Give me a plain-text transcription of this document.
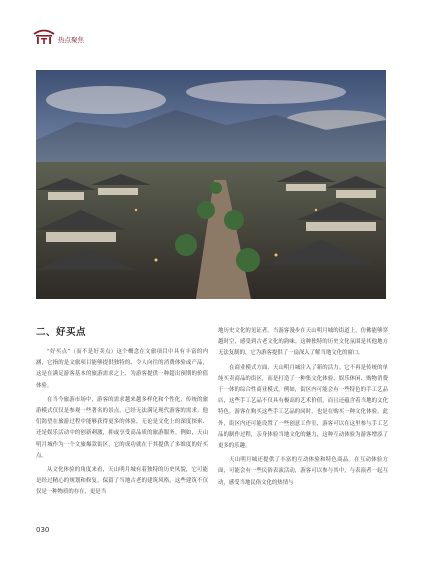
热点聚焦

二、好买点

“好买点”（而不是好卖点）这个概念在文旅项目中具有丰富的内涵，它指的是文旅项目能够提供独特的、令人向往的消费体验或产品，这是在满足游客基本的旅游需求之上，为游客提供一种超出预期的价值体验。

在当今旅游市场中，游客的需求越来越多样化和个性化，传统的旅游模式仅仅是参观一些著名的景点，已经无法满足现代游客的需求。他们渴望在旅游过程中能够获得更多的体验，无论是文化上的深度探索、还是娱乐活动中的创新刺激，抑或享受高品质的旅游服务。例如，天山明月城作为一个文旅爆款街区，它的成功就在于其提供了多维度的好买点。

从文化体验的角度来看，天山明月城有着独特的历史风貌，它可能是经过精心的规划和修复，保留了当地古老的建筑风格，这些建筑不仅仅是一种物质的存在，更是当

地历史文化的见证者。当游客漫步在天山明月城的街道上，仿佛能够穿越时空，感受到古老文化的韵味。这种独特的历史文化氛围是其他地方无法复制的，它为游客提供了一扇深入了解当地文化的窗口。

在商业模式方面，天山明月城注入了新的活力。它不再是传统的单纯买卖商品的街区，而是打造了一种集文化体验、娱乐休闲、购物消费于一体的综合性商业模式。例如，街区内可能会有一些特色的手工艺品店，这些手工艺品不仅具有极高的艺术价值，而且还蕴含着当地的文化特色。游客在购买这些手工艺品的同时，也是在购买一种文化体验。此外，街区内还可能设置了一些创意工作室，游客可以在这里参与手工艺品的制作过程，亲身体验当地文化的魅力，这种互动体验为游客增添了更多的乐趣。

天山明月城还提供了丰富的互动体验和特色商品。在互动体验方面，可能会有一些民俗表演活动，游客可以参与其中，与表演者一起互动，感受当地民俗文化的热情与

030
